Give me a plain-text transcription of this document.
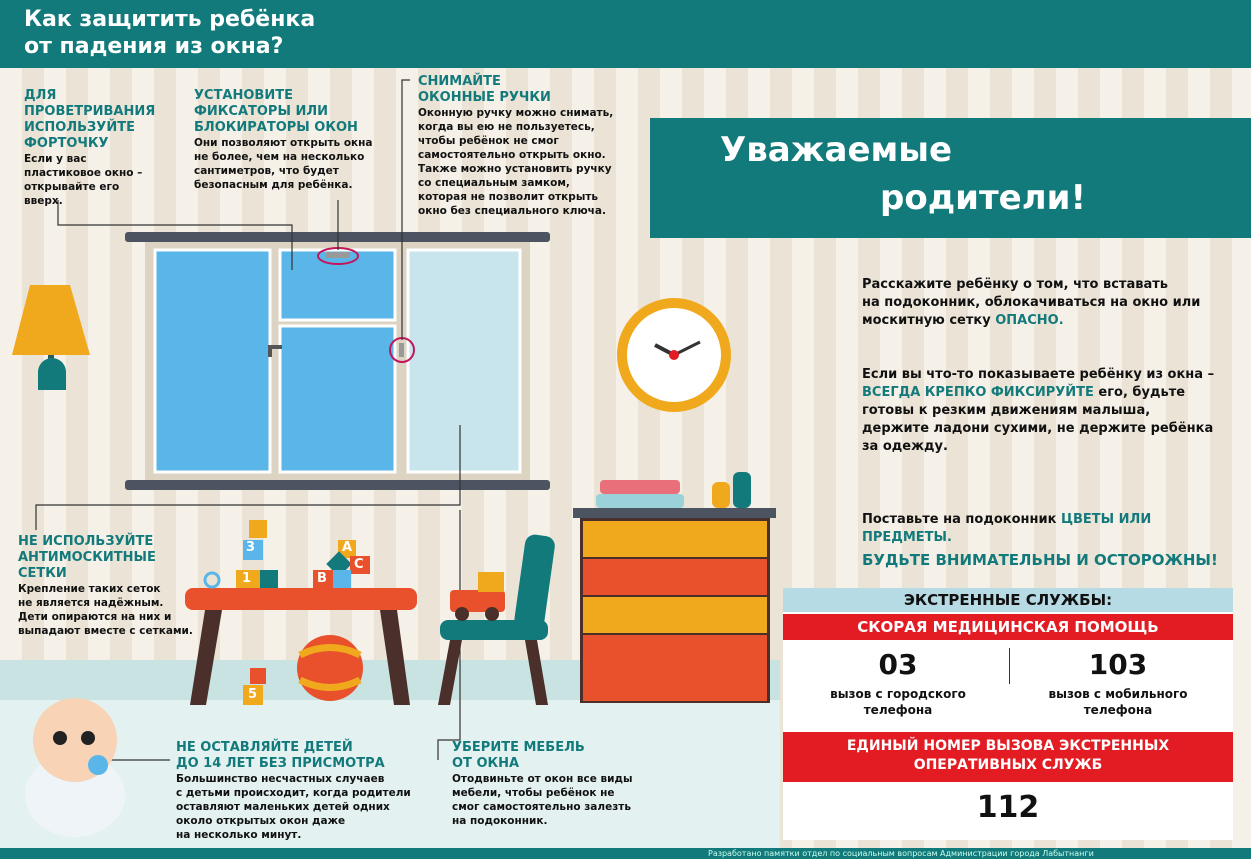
Как защитить ребёнка
от падения из окна?
3
1
A
B
C
5
ДЛЯ
ПРОВЕТРИВАНИЯ
ИСПОЛЬЗУЙТЕ
ФОРТОЧКУ
Если у вас
пластиковое окно –
открывайте его
вверх.
УСТАНОВИТЕ
ФИКСАТОРЫ ИЛИ
БЛОКИРАТОРЫ ОКОН
Они позволяют открыть окна
не более, чем на несколько
сантиметров, что будет
безопасным для ребёнка.
СНИМАЙТЕ
ОКОННЫЕ РУЧКИ
Оконную ручку можно снимать,
когда вы ею не пользуетесь,
чтобы ребёнок не смог
самостоятельно открыть окно.
Также можно установить ручку
со специальным замком,
которая не позволит открыть
окно без специального ключа.
НЕ ИСПОЛЬЗУЙТЕ
АНТИМОСКИТНЫЕ
СЕТКИ
Крепление таких сеток
не является надёжным.
Дети опираются на них и
выпадают вместе с сетками.
НЕ ОСТАВЛЯЙТЕ ДЕТЕЙ
ДО 14 ЛЕТ БЕЗ ПРИСМОТРА
Большинство несчастных случаев
с детьми происходит, когда родители
оставляют маленьких детей одних
около открытых окон даже
на несколько минут.
УБЕРИТЕ МЕБЕЛЬ
ОТ ОКНА
Отодвиньте от окон все виды
мебели, чтобы ребёнок не
смог самостоятельно залезть
на подоконник.
Уважаемые
родители!
Расскажите ребёнку о том, что вставать
на подоконник, облокачиваться на окно или
москитную сетку ОПАСНО.
Если вы что-то показываете ребёнку из окна –
ВСЕГДА КРЕПКО ФИКСИРУЙТЕ его, будьте
готовы к резким движениям малыша,
держите ладони сухими, не держите ребёнка
за одежду.
Поставьте на подоконник ЦВЕТЫ ИЛИ ПРЕДМЕТЫ.
БУДЬТЕ ВНИМАТЕЛЬНЫ И ОСТОРОЖНЫ!
ЭКСТРЕННЫЕ СЛУЖБЫ:
СКОРАЯ МЕДИЦИНСКАЯ ПОМОЩЬ
03
вызов с городского
телефона
103
вызов с мобильного
телефона
ЕДИНЫЙ НОМЕР ВЫЗОВА ЭКСТРЕННЫХ
ОПЕРАТИВНЫХ СЛУЖБ
112
Разработано памятки отдел по социальным вопросам Администрации города Лабытнанги
